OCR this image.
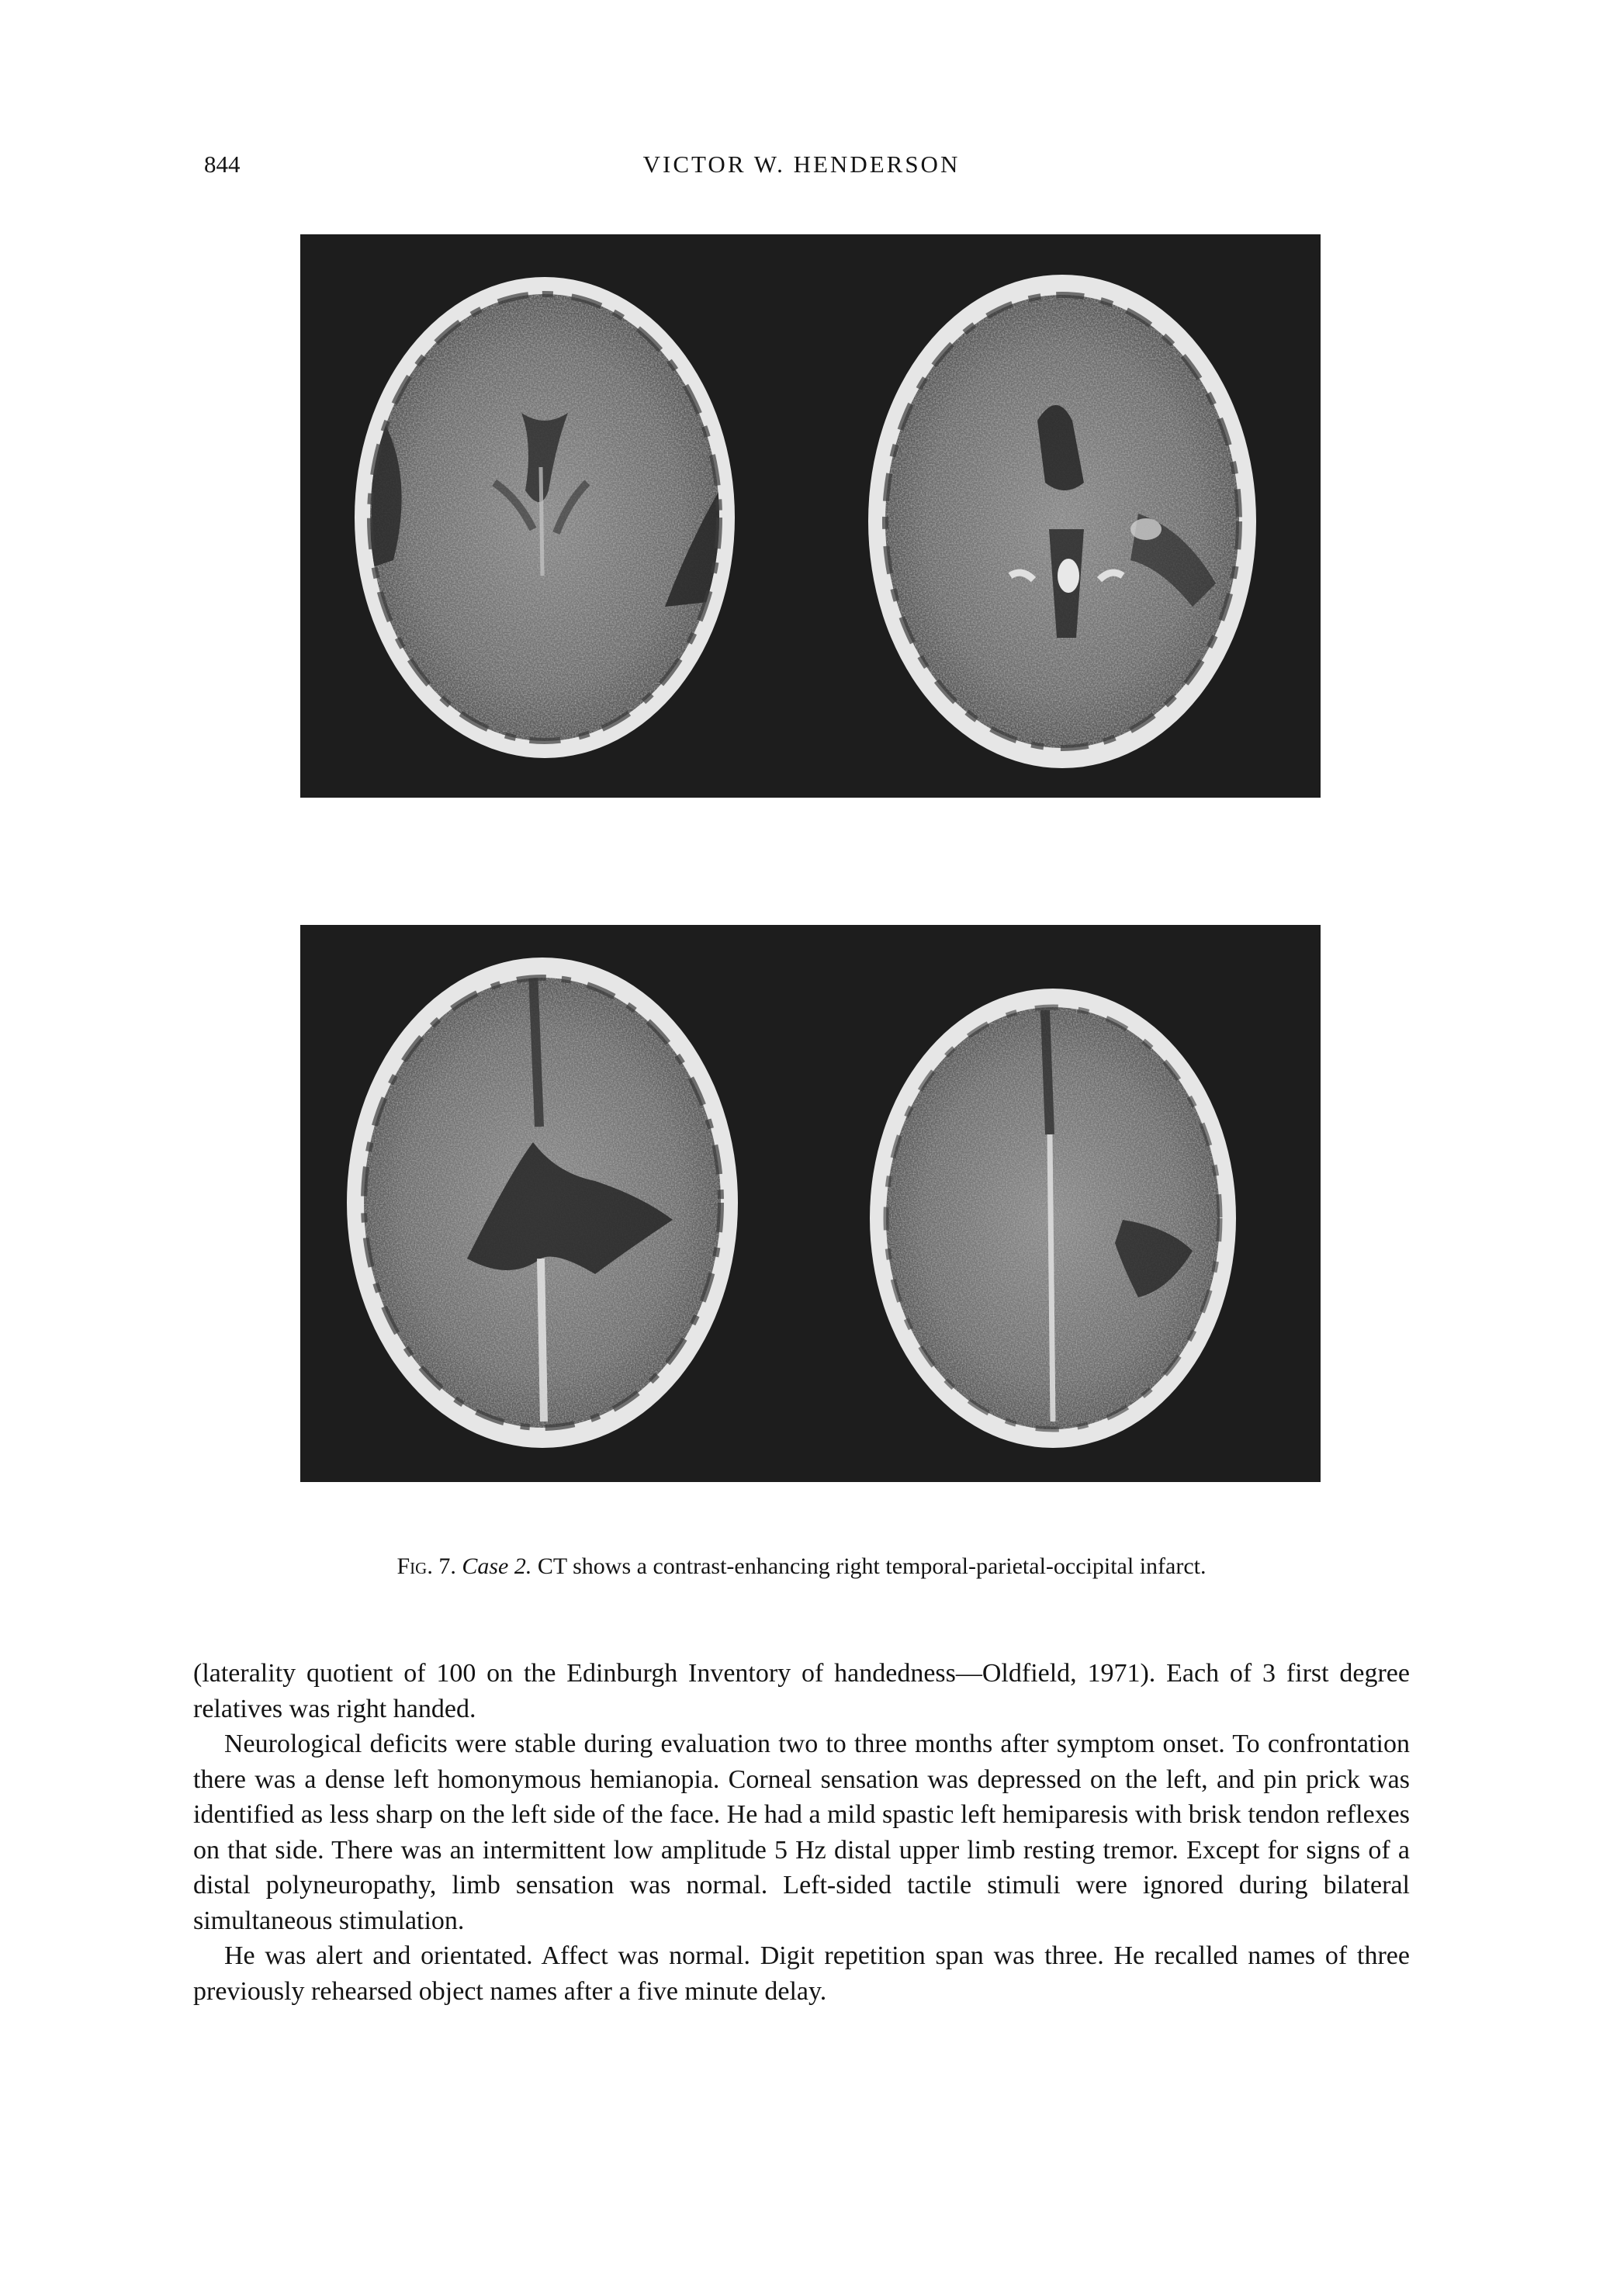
844	VICTOR W. HENDERSON
Fig. 7. Case 2. CT shows a contrast-enhancing right temporal-parietal-occipital infarct.

(laterality quotient of 100 on the Edinburgh Inventory of handedness—Oldfield, 1971). Each of 3 first degree relatives was right handed.

Neurological deficits were stable during evaluation two to three months after symptom onset. To confrontation there was a dense left homonymous hemianopia. Corneal sensation was depressed on the left, and pin prick was identified as less sharp on the left side of the face. He had a mild spastic left hemiparesis with brisk tendon reflexes on that side. There was an intermittent low amplitude 5 Hz distal upper limb resting tremor. Except for signs of a distal polyneuropathy, limb sensation was normal. Left-sided tactile stimuli were ignored during bilateral simultaneous stimulation.

He was alert and orientated. Affect was normal. Digit repetition span was three. He recalled names of three previously rehearsed object names after a five minute delay.
